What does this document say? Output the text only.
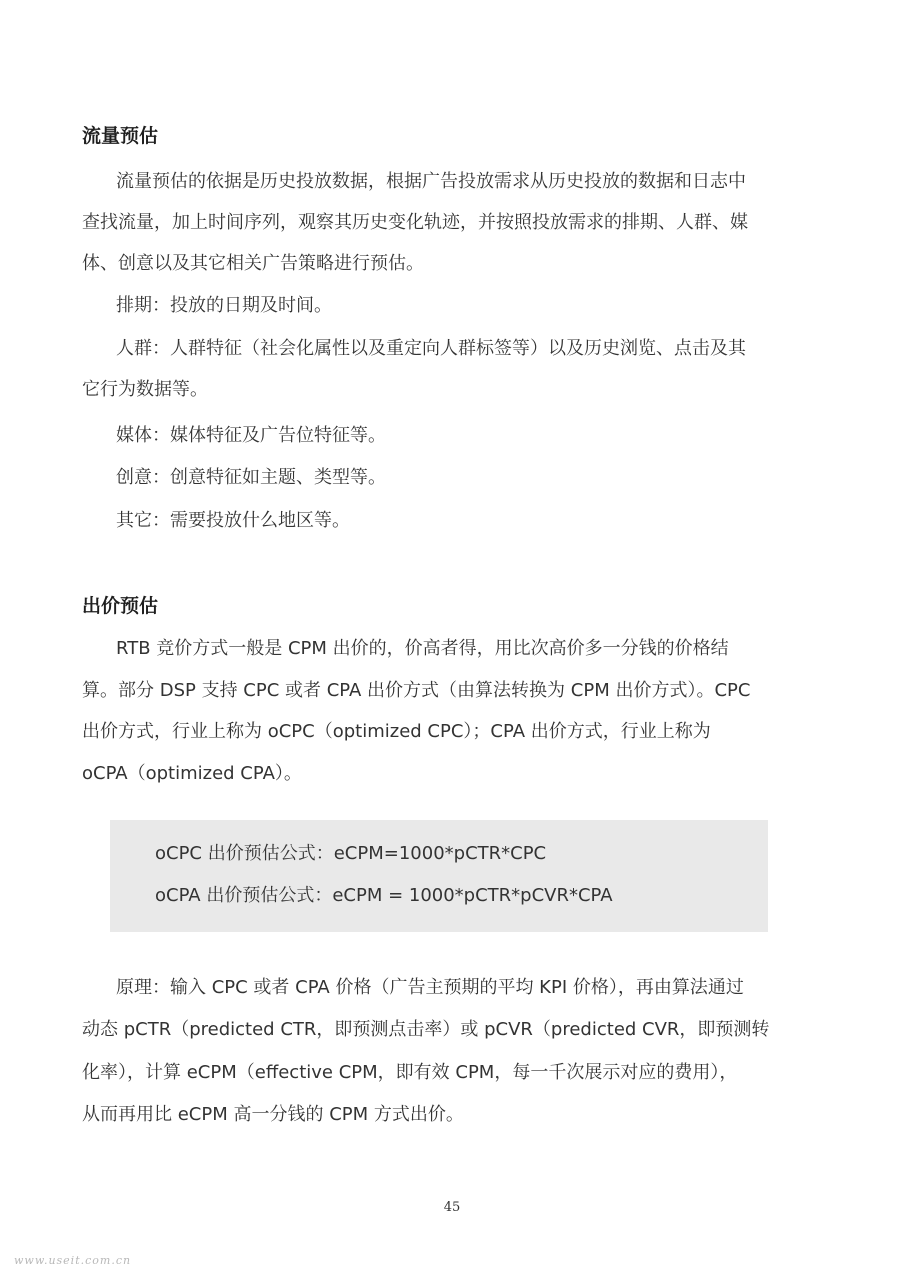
流量预估
流量预估的依据是历史投放数据，根据广告投放需求从历史投放的数据和日志中
查找流量，加上时间序列，观察其历史变化轨迹，并按照投放需求的排期、人群、媒
体、创意以及其它相关广告策略进行预估。
排期：投放的日期及时间。
人群：人群特征（社会化属性以及重定向人群标签等）以及历史浏览、点击及其
它行为数据等。
媒体：媒体特征及广告位特征等。
创意：创意特征如主题、类型等。
其它：需要投放什么地区等。
出价预估
RTB 竞价方式一般是 CPM 出价的，价高者得，用比次高价多一分钱的价格结
算。部分 DSP 支持 CPC 或者 CPA 出价方式（由算法转换为 CPM 出价方式）。CPC
出价方式，行业上称为 oCPC（optimized CPC）；CPA 出价方式，行业上称为
oCPA（optimized CPA）。
oCPC 出价预估公式：eCPM=1000*pCTR*CPC
oCPA 出价预估公式：eCPM = 1000*pCTR*pCVR*CPA
原理：输入 CPC 或者 CPA 价格（广告主预期的平均 KPI 价格），再由算法通过
动态 pCTR（predicted CTR，即预测点击率）或 pCVR（predicted CVR，即预测转
化率），计算 eCPM（effective CPM，即有效 CPM，每一千次展示对应的费用），
从而再用比 eCPM 高一分钱的 CPM 方式出价。
45
www.useit.com.cn
